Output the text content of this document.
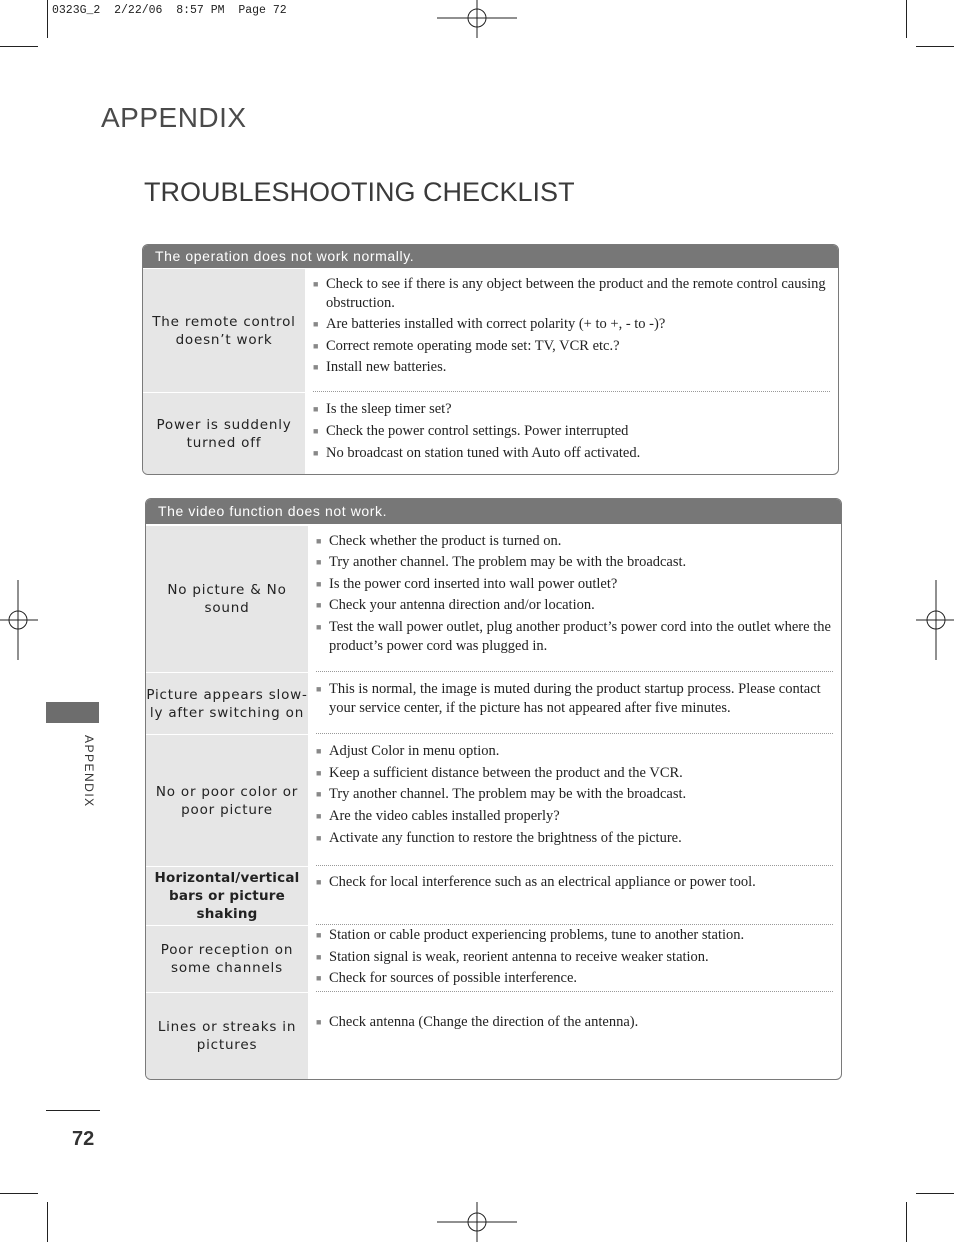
0323G_2  2/22/06  8:57 PM  Page 72
APPENDIX
TROUBLESHOOTING CHECKLIST
The operation does not work normally.
The remote control doesn’t work
■ Check to see if there is any object between the product and the remote control causing obstruction.
■ Are batteries installed with correct polarity (+ to +, - to -)?
■ Correct remote operating mode set: TV, VCR etc.?
■ Install new batteries.
Power is suddenly turned off
■ Is the sleep timer set?
■ Check the power control settings. Power interrupted
■ No broadcast on station tuned with Auto off activated.
The video function does not work.
No picture & No sound
■ Check whether the product is turned on.
■ Try another channel. The problem may be with the broadcast.
■ Is the power cord inserted into wall power outlet?
■ Check your antenna direction and/or location.
■ Test the wall power outlet, plug another product’s power cord into the outlet where the product’s power cord was plugged in.
Picture appears slow-ly after switching on
■ This is normal, the image is muted during the product startup process. Please contact your service center, if the picture has not appeared after five minutes.
No or poor color or poor picture
■ Adjust Color in menu option.
■ Keep a sufficient distance between the product and the VCR.
■ Try another channel. The problem may be with the broadcast.
■ Are the video cables installed properly?
■ Activate any function to restore the brightness of the picture.
Horizontal/vertical bars or picture shaking
■ Check for local interference such as an electrical appliance or power tool.
Poor reception on some channels
■ Station or cable product experiencing problems, tune to another station.
■ Station signal is weak, reorient antenna to receive weaker station.
■ Check for sources of possible interference.
Lines or streaks in pictures
■ Check antenna (Change the direction of the antenna).
APPENDIX
72
